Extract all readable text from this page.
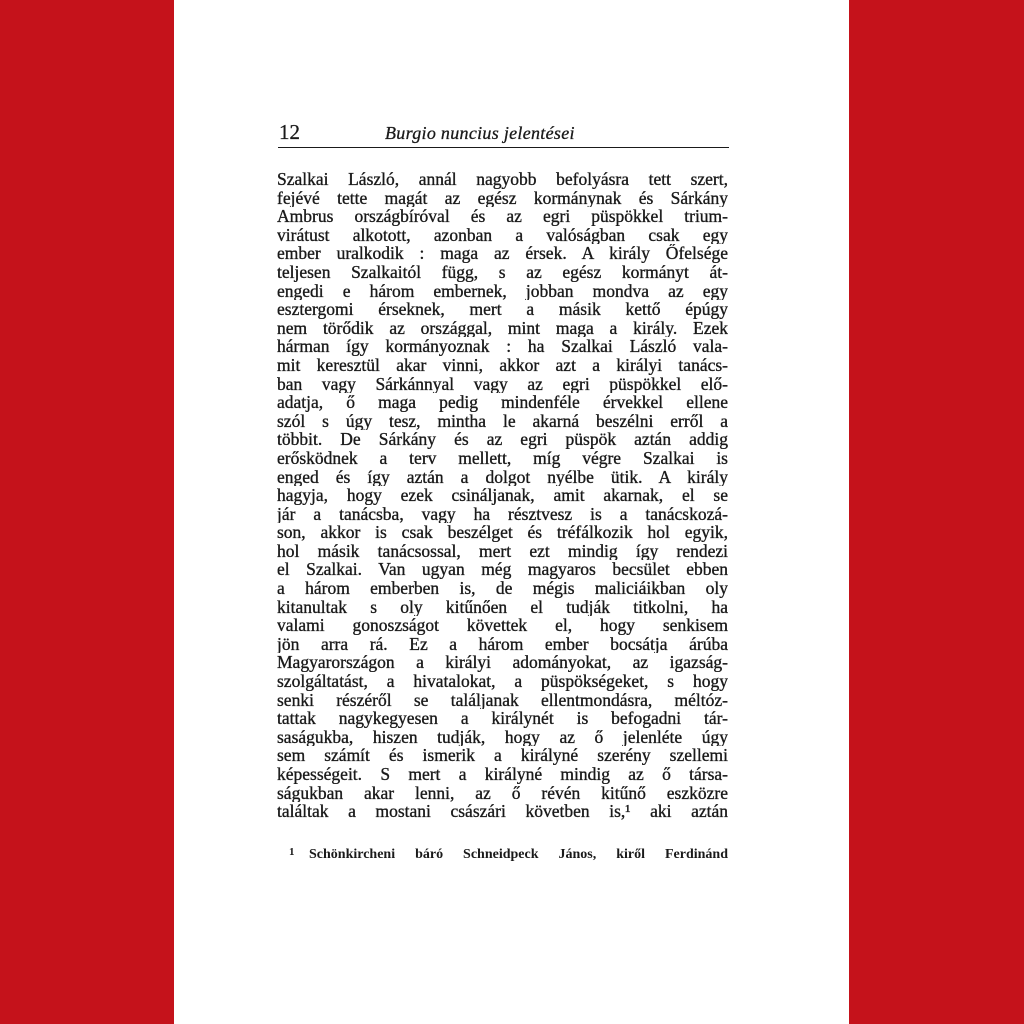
12	Burgio nuncius jelentései
Szalkai László, annál nagyobb befolyásra tett szert,
fejévé tette magát az egész kormánynak és Sárkány
Ambrus országbíróval és az egri püspökkel trium-
virátust alkotott, azonban a valóságban csak egy
ember uralkodik : maga az érsek. A király Őfelsége
teljesen Szalkaitól függ, s az egész kormányt át-
engedi e három embernek, jobban mondva az egy
esztergomi érseknek, mert a másik kettő épúgy
nem törődik az országgal, mint maga a király. Ezek
hárman így kormányoznak : ha Szalkai László vala-
mit keresztül akar vinni, akkor azt a királyi tanács-
ban vagy Sárkánnyal vagy az egri püspökkel elő-
adatja, ő maga pedig mindenféle érvekkel ellene
szól s úgy tesz, mintha le akarná beszélni erről a
többit. De Sárkány és az egri püspök aztán addig
erősködnek a terv mellett, míg végre Szalkai is
enged és így aztán a dolgot nyélbe ütik. A király
hagyja, hogy ezek csináljanak, amit akarnak, el se
jár a tanácsba, vagy ha résztvesz is a tanácskozá-
son, akkor is csak beszélget és tréfálkozik hol egyik,
hol másik tanácsossal, mert ezt mindig így rendezi
el Szalkai. Van ugyan még magyaros becsület ebben
a három emberben is, de mégis maliciáikban oly
kitanultak s oly kitűnően el tudják titkolni, ha
valami gonoszságot követtek el, hogy senkisem
jön arra rá. Ez a három ember bocsátja árúba
Magyarországon a királyi adományokat, az igazság-
szolgáltatást, a hivatalokat, a püspökségeket, s hogy
senki részéről se találjanak ellentmondásra, méltóz-
tattak nagykegyesen a királynét is befogadni tár-
saságukba, hiszen tudják, hogy az ő jelenléte úgy
sem számít és ismerik a királyné szerény szellemi
képességeit. S mert a királyné mindig az ő társa-
ságukban akar lenni, az ő révén kitűnő eszközre
találtak a mostani császári követben is,¹ aki aztán
1	Schönkircheni báró Schneidpeck János, kiről Ferdinánd
